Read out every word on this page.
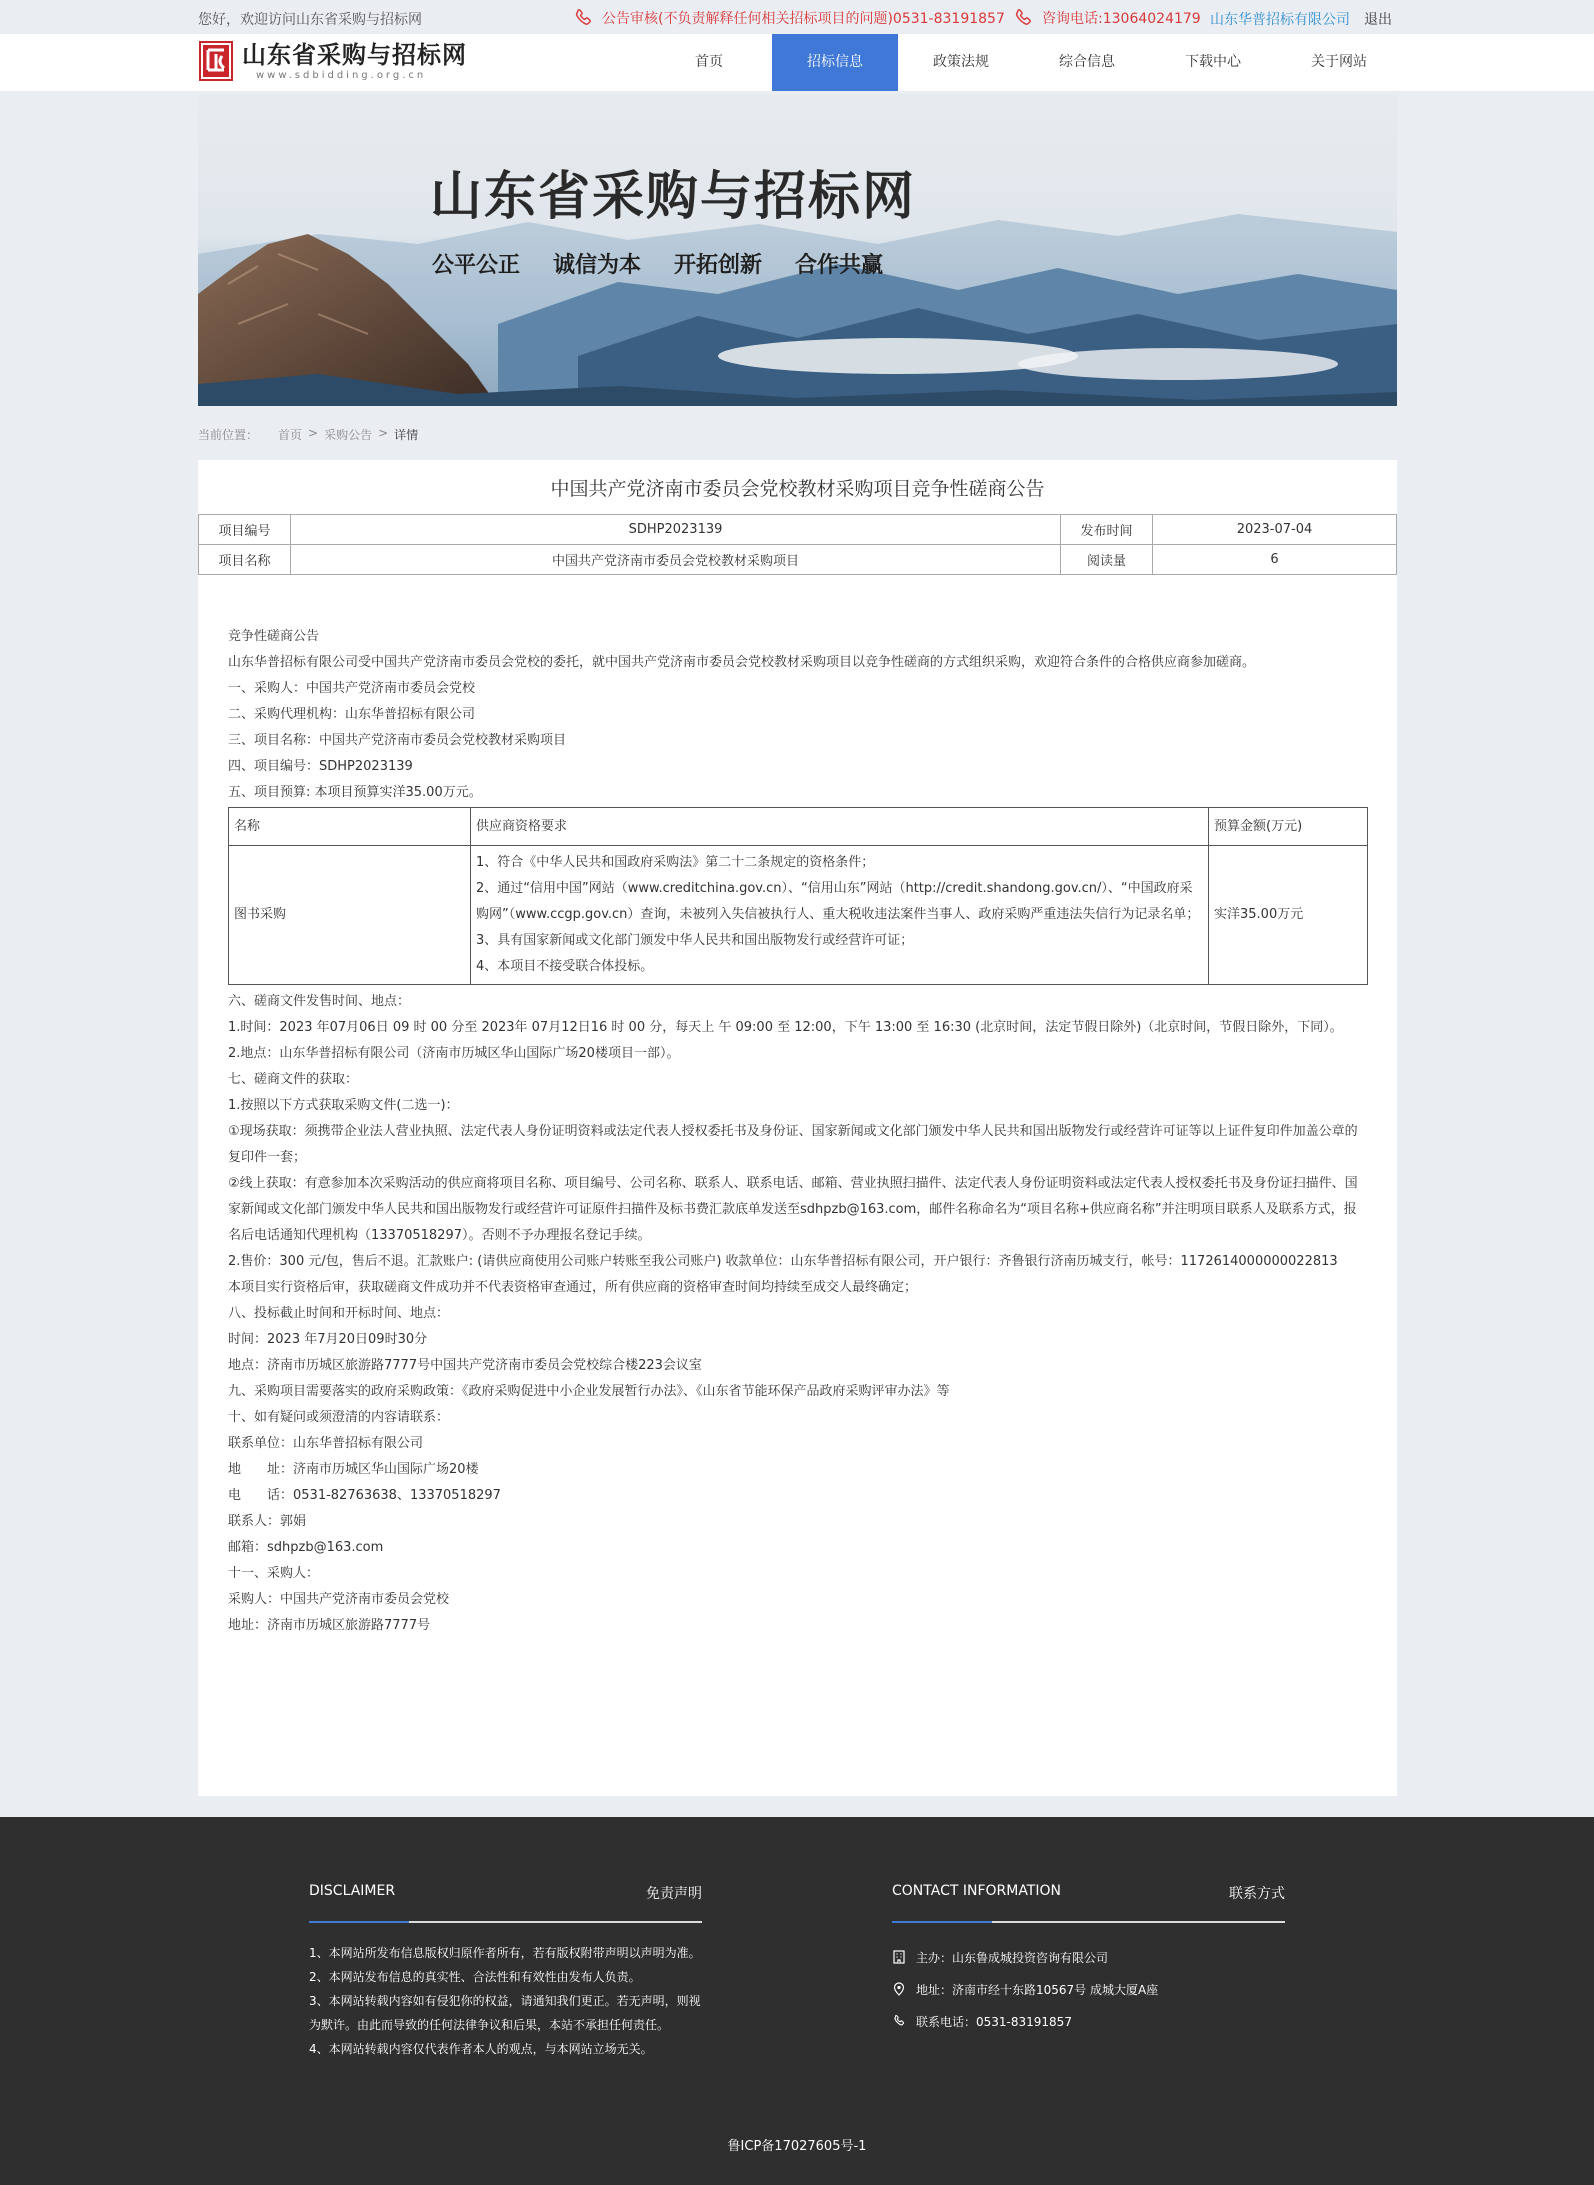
您好，欢迎访问山东省采购与招标网	公告审核(不负责解释任何相关招标项目的问题)0531-83191857	咨询电话:13064024179 山东华普招标有限公司 退出
山东省采购与招标网
www.sdbidding.org.cn
首页	招标信息	政策法规	综合信息	下载中心	关于网站
山东省采购与招标网
公平公正 诚信为本 开拓创新 合作共赢
当前位置： 首页 > 采购公告 > 详情
中国共产党济南市委员会党校教材采购项目竞争性磋商公告
项目编号	SDHP2023139	发布时间	2023-07-04
项目名称	中国共产党济南市委员会党校教材采购项目	阅读量	6

竞争性磋商公告

山东华普招标有限公司受中国共产党济南市委员会党校的委托，就中国共产党济南市委员会党校教材采购项目以竞争性磋商的方式组织采购，欢迎符合条件的合格供应商参加磋商。

一、采购人：中国共产党济南市委员会党校

二、采购代理机构：山东华普招标有限公司

三、项目名称：中国共产党济南市委员会党校教材采购项目

四、项目编号：SDHP2023139

五、项目预算: 本项目预算实洋35.00万元。

名称	供应商资格要求	预算金额(万元)
图书采购	1、符合《中华人民共和国政府采购法》第二十二条规定的资格条件；
2、通过“信用中国”网站（www.creditchina.gov.cn）、“信用山东”网站（http://credit.shandong.gov.cn/）、“中国政府采购网”（www.ccgp.gov.cn）查询，未被列入失信被执行人、重大税收违法案件当事人、政府采购严重违法失信行为记录名单；
3、具有国家新闻或文化部门颁发中华人民共和国出版物发行或经营许可证；
4、本项目不接受联合体投标。	实洋35.00万元

六、磋商文件发售时间、地点：

1.时间：2023 年07月06日 09 时 00 分至 2023年 07月12日16 时 00 分，每天上 午 09:00 至 12:00，下午 13:00 至 16:30 (北京时间，法定节假日除外)（北京时间，节假日除外，下同）。

2.地点：山东华普招标有限公司（济南市历城区华山国际广场20楼项目一部）。

七、磋商文件的获取：

1.按照以下方式获取采购文件(二选一)：

①现场获取：须携带企业法人营业执照、法定代表人身份证明资料或法定代表人授权委托书及身份证、国家新闻或文化部门颁发中华人民共和国出版物发行或经营许可证等以上证件复印件加盖公章的复印件一套；

②线上获取：有意参加本次采购活动的供应商将项目名称、项目编号、公司名称、联系人、联系电话、邮箱、营业执照扫描件、法定代表人身份证明资料或法定代表人授权委托书及身份证扫描件、国家新闻或文化部门颁发中华人民共和国出版物发行或经营许可证原件扫描件及标书费汇款底单发送至sdhpzb@163.com，邮件名称命名为“项目名称+供应商名称”并注明项目联系人及联系方式，报名后电话通知代理机构（13370518297）。否则不予办理报名登记手续。

2.售价：300 元/包，售后不退。汇款账户: (请供应商使用公司账户转账至我公司账户) 收款单位：山东华普招标有限公司，开户银行：齐鲁银行济南历城支行，帐号：1172614000000022813

本项目实行资格后审，获取磋商文件成功并不代表资格审查通过，所有供应商的资格审查时间均持续至成交人最终确定；

八、投标截止时间和开标时间、地点：

时间：2023 年7月20日09时30分

地点：济南市历城区旅游路7777号中国共产党济南市委员会党校综合楼223会议室

九、采购项目需要落实的政府采购政策：《政府采购促进中小企业发展暂行办法》、《山东省节能环保产品政府采购评审办法》等

十、如有疑问或须澄清的内容请联系：

联系单位：山东华普招标有限公司

地　　址：济南市历城区华山国际广场20楼

电　　话：0531-82763638、13370518297

联系人：郭娟

邮箱：sdhpzb@163.com

十一、采购人：

采购人：中国共产党济南市委员会党校

地址：济南市历城区旅游路7777号

DISCLAIMER	免责声明
1、本网站所发布信息版权归原作者所有，若有版权附带声明以声明为准。
2、本网站发布信息的真实性、合法性和有效性由发布人负责。
3、本网站转载内容如有侵犯你的权益，请通知我们更正。若无声明，则视为默许。由此而导致的任何法律争议和后果，本站不承担任何责任。
4、本网站转载内容仅代表作者本人的观点，与本网站立场无关。
CONTACT INFORMATION	联系方式
主办：山东鲁成城投资咨询有限公司
地址：济南市经十东路10567号 成城大厦A座
联系电话：0531-83191857
鲁ICP备17027605号-1
